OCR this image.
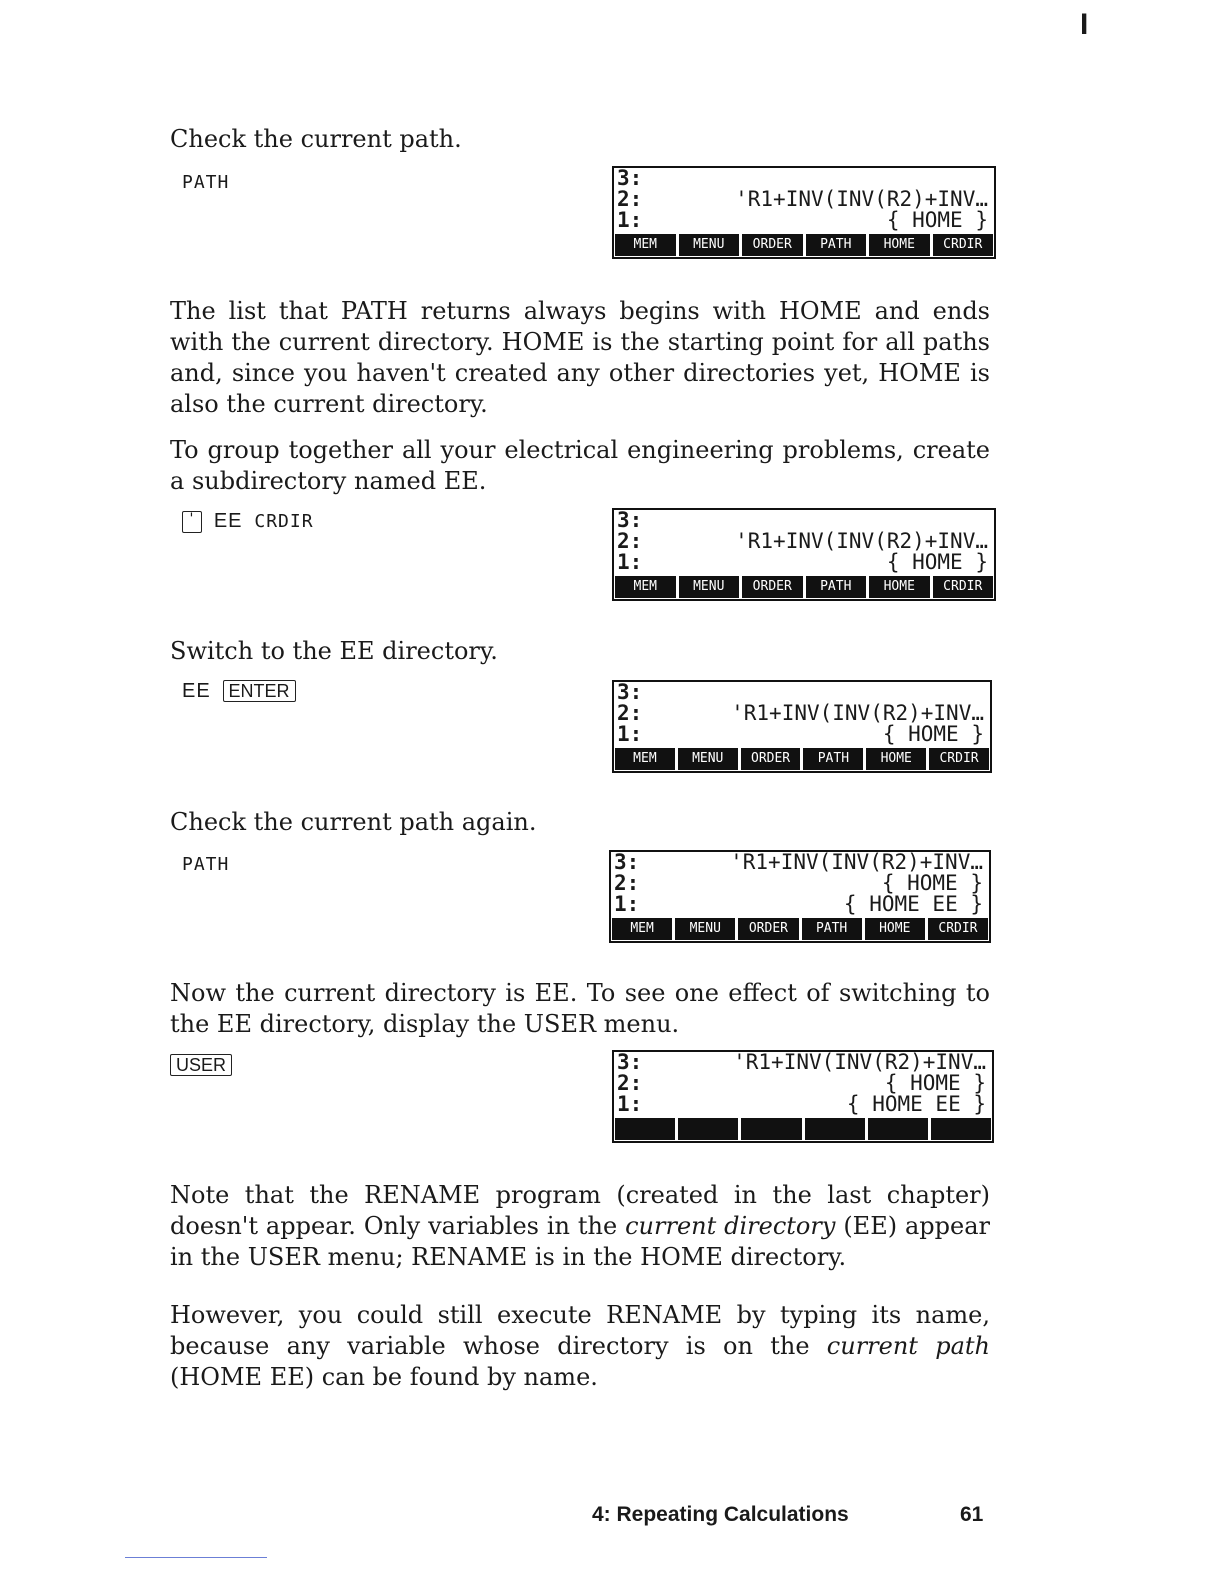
I
Check the current path.
PATH	3:
2:	'R1+INV(INV(R2)+INV…
1:	{ HOME }
MEM	MENU	ORDER	PATH	HOME	CRDIR
The list that PATH returns always begins with HOME and ends with the current directory. HOME is the starting point for all paths and, since you haven't created any other directories yet, HOME is also the current directory.
To group together all your electrical engineering problems, create a subdirectory named EE.
' EE CRDIR	3:
2:	'R1+INV(INV(R2)+INV…
1:	{ HOME }
MEM	MENU	ORDER	PATH	HOME	CRDIR
Switch to the EE directory.
EE ENTER	3:
2:	'R1+INV(INV(R2)+INV…
1:	{ HOME }
MEM	MENU	ORDER	PATH	HOME	CRDIR
Check the current path again.
PATH	3:	'R1+INV(INV(R2)+INV…
2:	{ HOME }
1:	{ HOME EE }
MEM	MENU	ORDER	PATH	HOME	CRDIR
Now the current directory is EE. To see one effect of switching to the EE directory, display the USER menu.
USER	3:	'R1+INV(INV(R2)+INV…
2:	{ HOME }
1:	{ HOME EE }
Note that the RENAME program (created in the last chapter) doesn't appear. Only variables in the current directory (EE) appear in the USER menu; RENAME is in the HOME directory.
However, you could still execute RENAME by typing its name, because any variable whose directory is on the current path (HOME EE) can be found by name.
4: Repeating Calculations	61
